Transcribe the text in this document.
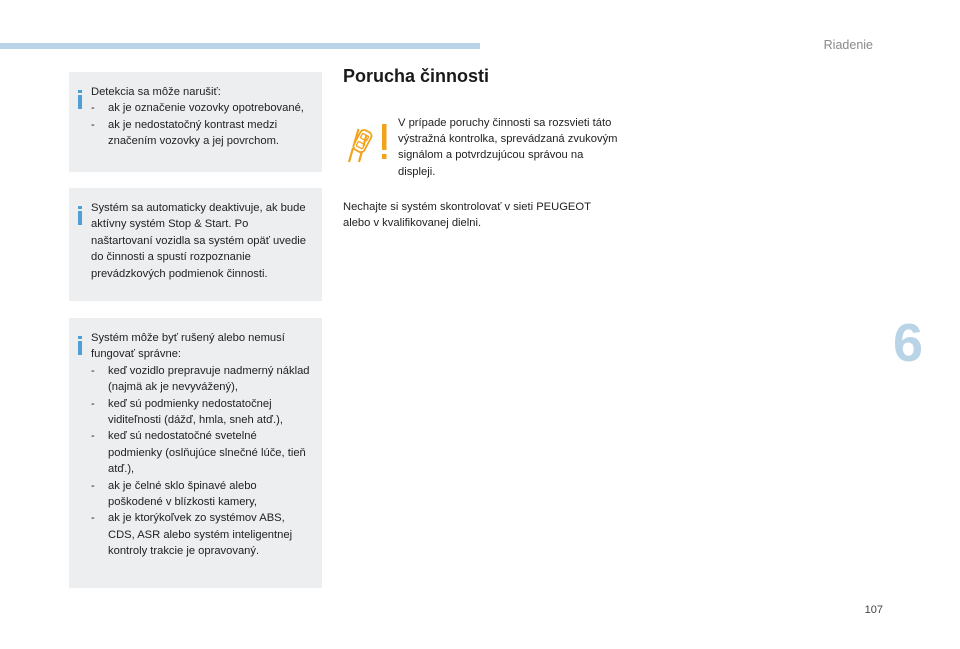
Riadenie

Detekcia sa môže narušiť:

- ak je označenie vozovky opotrebované,
- ak je nedostatočný kontrast medzi značením vozovky a jej povrchom.

Systém sa automaticky deaktivuje, ak bude aktívny systém Stop & Start. Po naštartovaní vozidla sa systém opäť uvedie do činnosti a spustí rozpoznanie prevádzkových podmienok činnosti.

Systém môže byť rušený alebo nemusí fungovať správne:

- keď vozidlo prepravuje nadmerný náklad (najmä ak je nevyvážený),
- keď sú podmienky nedostatočnej viditeľnosti (dážď, hmla, sneh atď.),
- keď sú nedostatočné svetelné podmienky (oslňujúce slnečné lúče, tieň atď.),
- ak je čelné sklo špinavé alebo poškodené v blízkosti kamery,
- ak je ktorýkoľvek zo systémov ABS, CDS, ASR alebo systém inteligentnej kontroly trakcie je opravovaný.
Porucha činnosti
V prípade poruchy činnosti sa rozsvieti táto výstražná kontrolka, sprevádzaná zvukovým signálom a potvrdzujúcou správou na displeji.
Nechajte si systém skontrolovať v sieti PEUGEOT alebo v kvalifikovanej dielni.
6
107
